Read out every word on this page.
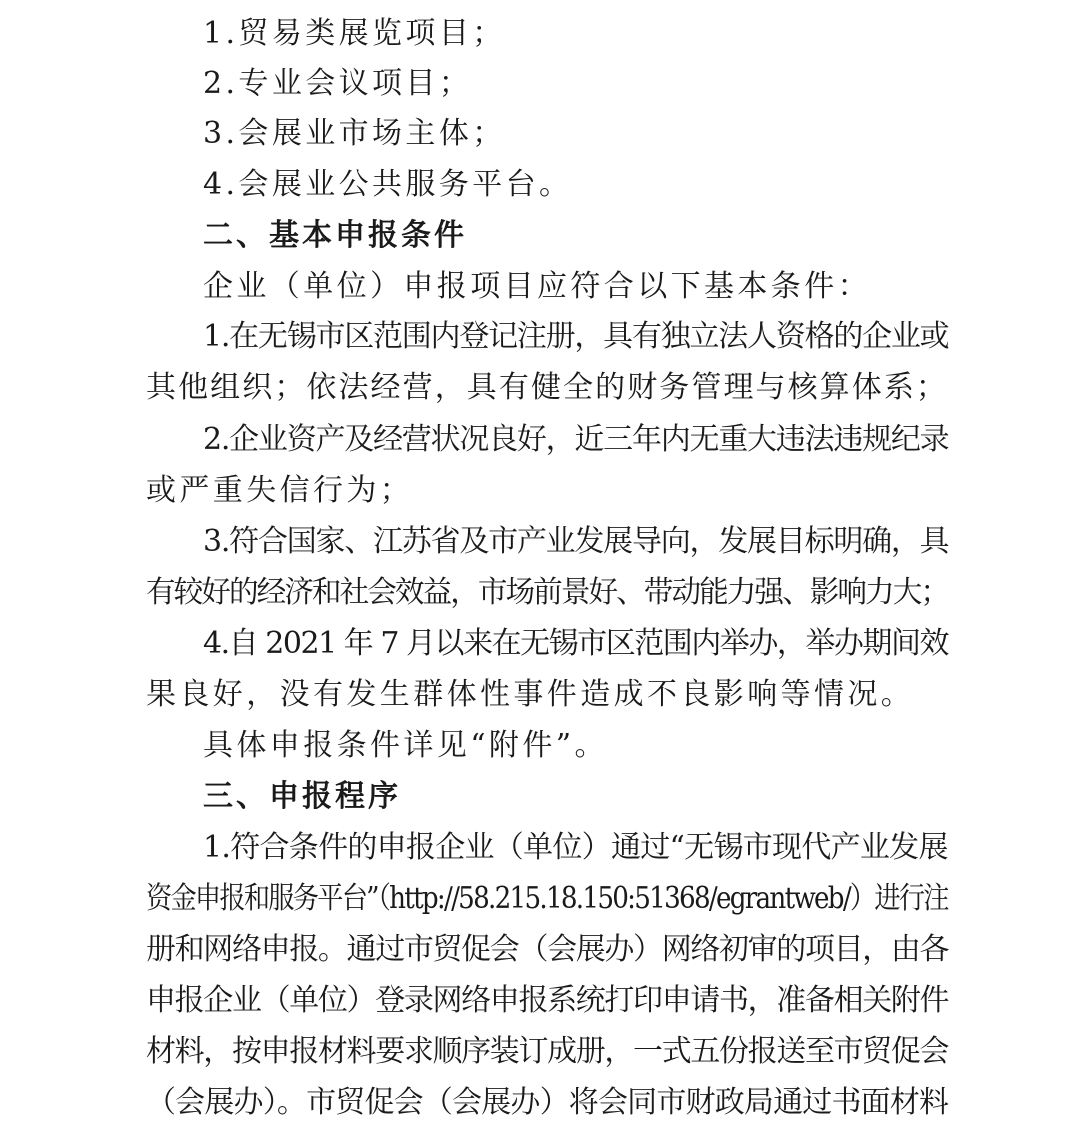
1.贸易类展览项目；
2.专业会议项目；
3.会展业市场主体；
4.会展业公共服务平台。
二、基本申报条件
企业（单位）申报项目应符合以下基本条件：
1.在无锡市区范围内登记注册，具有独立法人资格的企业或
其他组织；依法经营，具有健全的财务管理与核算体系；
2.企业资产及经营状况良好，近三年内无重大违法违规纪录
或严重失信行为；
3.符合国家、江苏省及市产业发展导向，发展目标明确，具
有较好的经济和社会效益，市场前景好、带动能力强、影响力大；
4.自 2021 年 7 月以来在无锡市区范围内举办，举办期间效
果良好，没有发生群体性事件造成不良影响等情况。
具体申报条件详见“附件”。
三、申报程序
1.符合条件的申报企业（单位）通过“无锡市现代产业发展
资金申报和服务平台”（http://58.215.18.150:51368/egrantweb/）进行注
册和网络申报。通过市贸促会（会展办）网络初审的项目，由各
申报企业（单位）登录网络申报系统打印申请书，准备相关附件
材料，按申报材料要求顺序装订成册，一式五份报送至市贸促会
（会展办）。市贸促会（会展办）将会同市财政局通过书面材料
